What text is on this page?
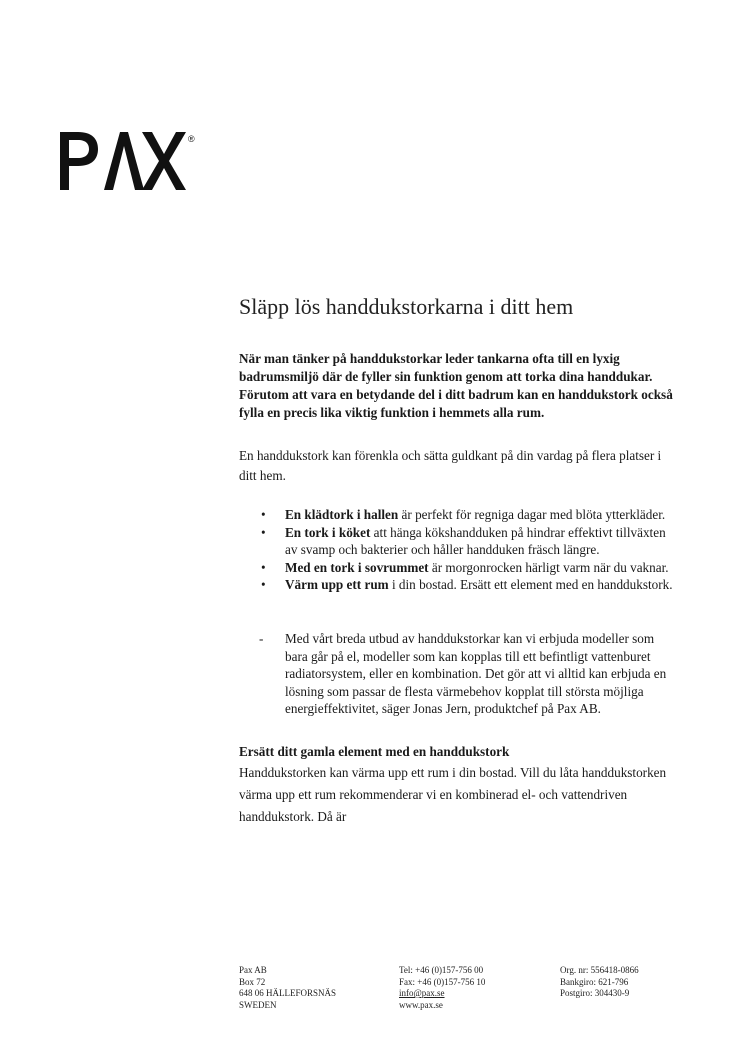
®
Släpp lös handdukstorkarna i ditt hem

När man tänker på handdukstorkar leder tankarna ofta till en lyxig badrumsmiljö där de fyller sin funktion genom att torka dina handdukar. Förutom att vara en betydande del i ditt badrum kan en handdukstork också fylla en precis lika viktig funktion i hemmets alla rum.

En handdukstork kan förenkla och sätta guldkant på din vardag på flera platser i ditt hem.

• En klädtork i hallen är perfekt för regniga dagar med blöta ytterkläder.
• En tork i köket att hänga kökshandduken på hindrar effektivt tillväxten av svamp och bakterier och håller handduken fräsch längre.
• Med en tork i sovrummet är morgonrocken härligt varm när du vaknar.
• Värm upp ett rum i din bostad. Ersätt ett element med en handdukstork.
- Med vårt breda utbud av handdukstorkar kan vi erbjuda modeller som bara går på el, modeller som kan kopplas till ett befintligt vattenburet radiatorsystem, eller en kombination. Det gör att vi alltid kan erbjuda en lösning som passar de flesta värmebehov kopplat till största möjliga energieffektivitet, säger Jonas Jern, produktchef på Pax AB.
Ersätt ditt gamla element med en handdukstork

Handdukstorken kan värma upp ett rum i din bostad. Vill du låta handdukstorken värma upp ett rum rekommenderar vi en kombinerad el- och vattendriven handdukstork. Då är

Pax AB
Box 72
648 06 HÄLLEFORSNÄS
SWEDEN
Tel: +46 (0)157-756 00
Fax: +46 (0)157-756 10
info@pax.se
www.pax.se
Org. nr: 556418-0866
Bankgiro: 621-796
Postgiro: 304430-9
